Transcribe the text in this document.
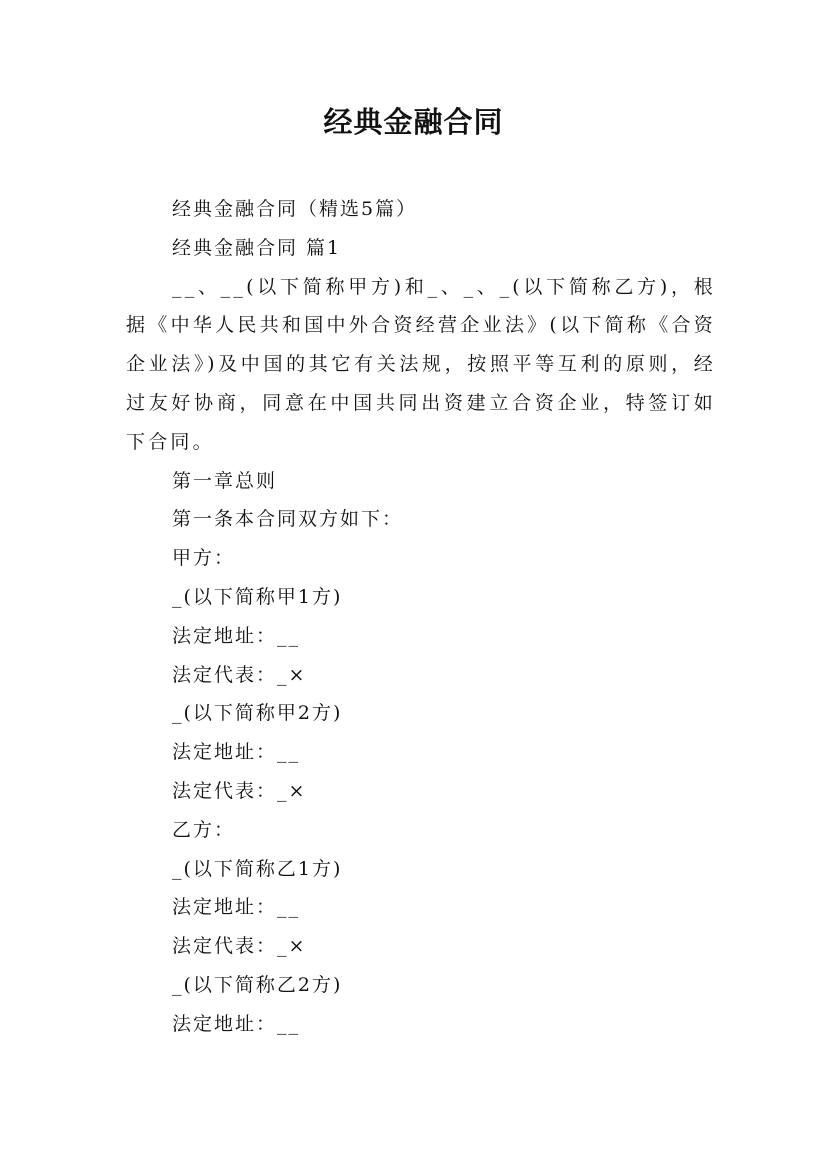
经典金融合同

经典金融合同（精选5篇）

经典金融合同 篇1

__、__(以下简称甲方)和_、_、_(以下简称乙方)，根据《中华人民共和国中外合资经营企业法》(以下简称《合资企业法》)及中国的其它有关法规，按照平等互利的原则，经过友好协商，同意在中国共同出资建立合资企业，特签订如下合同。

第一章总则

第一条本合同双方如下：

甲方：

_(以下简称甲1方)

法定地址：__

法定代表：_×

_(以下简称甲2方)

法定地址：__

法定代表：_×

乙方：

_(以下简称乙1方)

法定地址：__

法定代表：_×

_(以下简称乙2方)

法定地址：__
